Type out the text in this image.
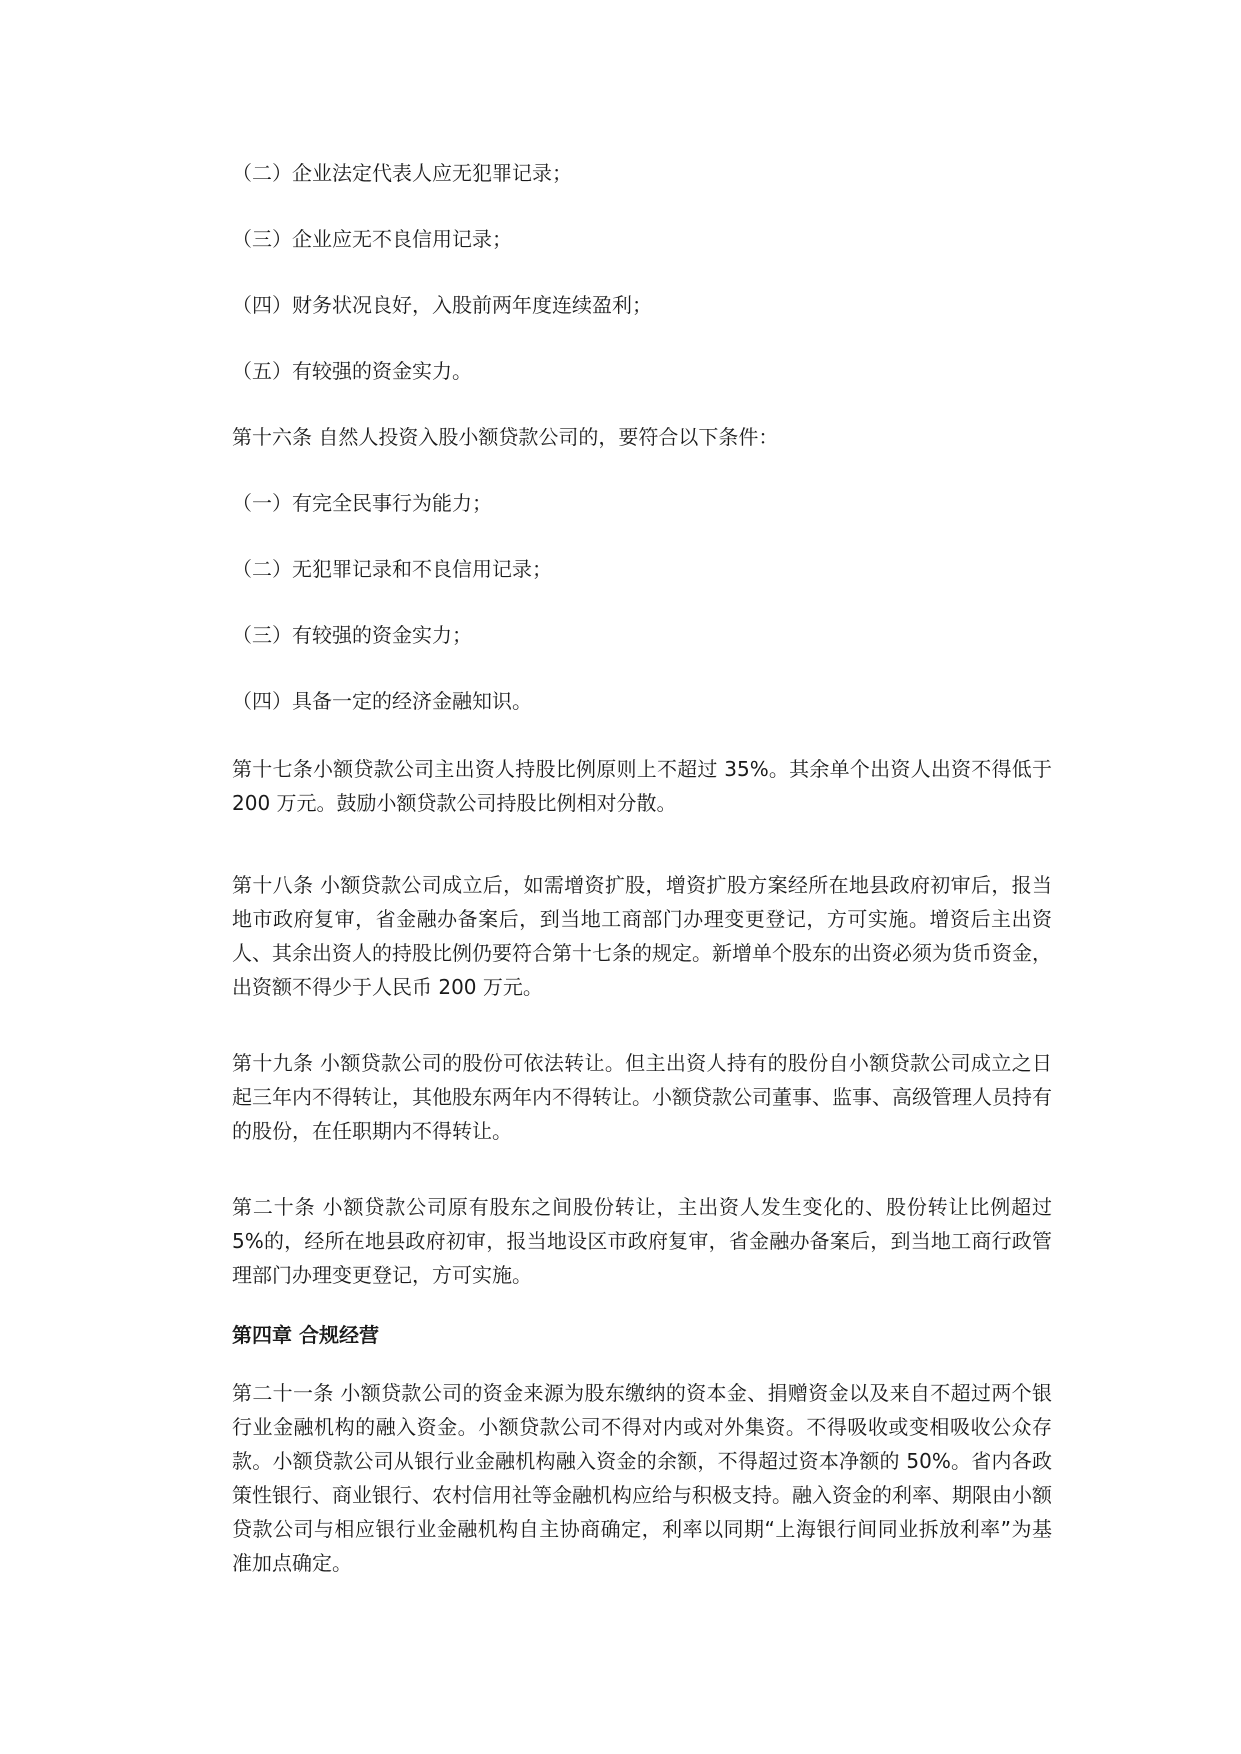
（二）企业法定代表人应无犯罪记录；

（三）企业应无不良信用记录；

（四）财务状况良好，入股前两年度连续盈利；

（五）有较强的资金实力。

第十六条 自然人投资入股小额贷款公司的，要符合以下条件：

（一）有完全民事行为能力；

（二）无犯罪记录和不良信用记录；

（三）有较强的资金实力；

（四）具备一定的经济金融知识。

第十七条小额贷款公司主出资人持股比例原则上不超过 35%。其余单个出资人出资不得低于 200 万元。鼓励小额贷款公司持股比例相对分散。

第十八条 小额贷款公司成立后，如需增资扩股，增资扩股方案经所在地县政府初审后，报当地市政府复审，省金融办备案后，到当地工商部门办理变更登记，方可实施。增资后主出资人、其余出资人的持股比例仍要符合第十七条的规定。新增单个股东的出资必须为货币资金，出资额不得少于人民币 200 万元。

第十九条 小额贷款公司的股份可依法转让。但主出资人持有的股份自小额贷款公司成立之日起三年内不得转让，其他股东两年内不得转让。小额贷款公司董事、监事、高级管理人员持有的股份，在任职期内不得转让。

第二十条 小额贷款公司原有股东之间股份转让，主出资人发生变化的、股份转让比例超过 5%的，经所在地县政府初审，报当地设区市政府复审，省金融办备案后，到当地工商行政管理部门办理变更登记，方可实施。

第四章 合规经营

第二十一条 小额贷款公司的资金来源为股东缴纳的资本金、捐赠资金以及来自不超过两个银行业金融机构的融入资金。小额贷款公司不得对内或对外集资。不得吸收或变相吸收公众存款。小额贷款公司从银行业金融机构融入资金的余额，不得超过资本净额的 50%。省内各政策性银行、商业银行、农村信用社等金融机构应给与积极支持。融入资金的利率、期限由小额贷款公司与相应银行业金融机构自主协商确定，利率以同期“上海银行间同业拆放利率”为基准加点确定。
